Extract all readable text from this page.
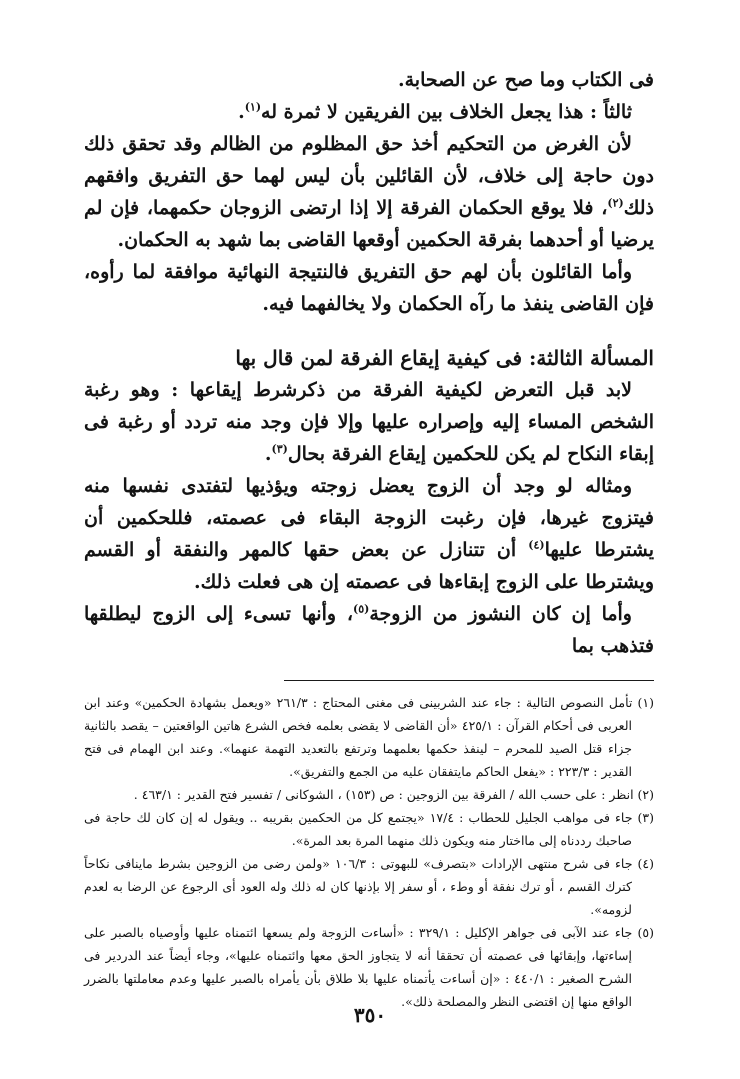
فى الكتاب وما صح عن الصحابة.

ثالثاً : هذا يجعل الخلاف بين الفريقين لا ثمرة له$^{(١)}$.

لأن الغرض من التحكيم أخذ حق المظلوم من الظالم وقد تحقق ذلك دون حاجة إلى خلاف، لأن القائلين بأن ليس لهما حق التفريق وافقهم ذلك$^{(٢)}$، فلا يوقع الحكمان الفرقة إلا إذا ارتضى الزوجان حكمهما، فإن لم يرضيا أو أحدهما بفرقة الحكمين أوقعها القاضى بما شهد به الحكمان.

وأما القائلون بأن لهم حق التفريق فالنتيجة النهائية موافقة لما رأوه، فإن القاضى ينفذ ما رآه الحكمان ولا يخالفهما فيه.

المسألة الثالثة: فى كيفية إيقاع الفرقة لمن قال بها

لابد قبل التعرض لكيفية الفرقة من ذكرشرط إيقاعها : وهو رغبة الشخص المساء إليه وإصراره عليها وإلا فإن وجد منه تردد أو رغبة فى إبقاء النكاح لم يكن للحكمين إيقاع الفرقة بحال$^{(٣)}$.

ومثاله لو وجد أن الزوج يعضل زوجته ويؤذيها لتفتدى نفسها منه فيتزوج غيرها، فإن رغبت الزوجة البقاء فى عصمته، فللحكمين أن يشترطا عليها$^{(٤)}$ أن تتنازل عن بعض حقها كالمهر والنفقة أو القسم ويشترطا على الزوج إبقاءها فى عصمته إن هى فعلت ذلك.

وأما إن كان النشوز من الزوجة$^{(٥)}$، وأنها تسىء إلى الزوج ليطلقها فتذهب بما

(١) تأمل النصوص التالية : جاء عند الشربينى فى مغنى المحتاج : ٢٦١/٣ «ويعمل بشهادة الحكمين» وعند ابن العربى فى أحكام القرآن : ٤٢٥/١ «أن القاضى لا يقضى بعلمه فخص الشرع هاتين الواقعتين – يقصد بالثانية جزاء قتل الصيد للمحرم – لينفذ حكمها بعلمهما وترتفع بالتعديد التهمة عنهما». وعند ابن الهمام فى فتح القدير : ٢٢٣/٣ : «يفعل الحاكم مايتفقان عليه من الجمع والتفريق».

(٢) انظر : على حسب الله / الفرقة بين الزوجين : ص (١٥٣) ، الشوكانى / تفسير فتح القدير : ٤٦٣/١ .

(٣) جاء فى مواهب الجليل للحطاب : ١٧/٤ «يجتمع كل من الحكمين بقريبه .. ويقول له إن كان لك حاجة فى صاحبك رددناه إلى مااختار منه ويكون ذلك منهما المرة بعد المرة».

(٤) جاء فى شرح منتهى الإرادات «بتصرف» للبهوتى : ١٠٦/٣ «ولمن رضى من الزوجين بشرط ماينافى نكاحاً كترك القسم ، أو ترك نفقة أو وطء ، أو سفر إلا بإذنها كان له ذلك وله العود أى الرجوع عن الرضا به لعدم لزومه».

(٥) جاء عند الآبى فى جواهر الإكليل : ٣٢٩/١ : «أساءت الزوجة ولم يسعها ائتمناه عليها وأوصياه بالصبر على إساءتها، وإبقائها فى عصمته أن تحققا أنه لا يتجاوز الحق معها وائتمناه عليها»، وجاء أيضاً عند الدردير فى الشرح الصغير : ٤٤٠/١ : «إن أساءت يأتمناه عليها بلا طلاق بأن يأمراه بالصبر عليها وعدم معاملتها بالضرر الواقع منها إن اقتضى النظر والمصلحة ذلك».

٣٥٠
